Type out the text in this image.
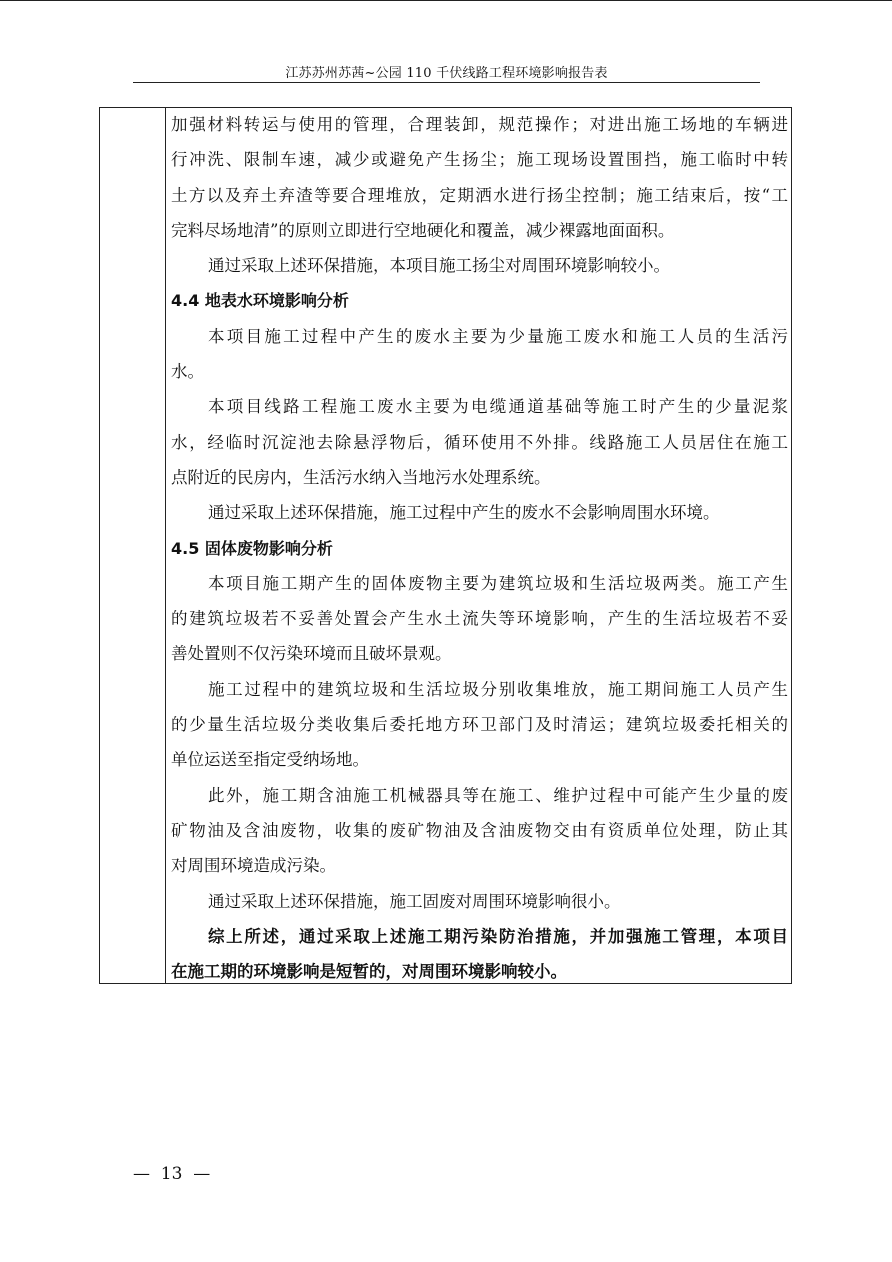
江苏苏州苏茜~公园 110 千伏线路工程环境影响报告表
加强材料转运与使用的管理，合理装卸，规范操作；对进出施工场地的车辆进
行冲洗、限制车速，减少或避免产生扬尘；施工现场设置围挡，施工临时中转
土方以及弃土弃渣等要合理堆放，定期洒水进行扬尘控制；施工结束后，按“工
完料尽场地清”的原则立即进行空地硬化和覆盖，减少裸露地面面积。
通过采取上述环保措施，本项目施工扬尘对周围环境影响较小。
4.4 地表水环境影响分析
本项目施工过程中产生的废水主要为少量施工废水和施工人员的生活污
水。
本项目线路工程施工废水主要为电缆通道基础等施工时产生的少量泥浆
水，经临时沉淀池去除悬浮物后，循环使用不外排。线路施工人员居住在施工
点附近的民房内，生活污水纳入当地污水处理系统。
通过采取上述环保措施，施工过程中产生的废水不会影响周围水环境。
4.5 固体废物影响分析
本项目施工期产生的固体废物主要为建筑垃圾和生活垃圾两类。施工产生
的建筑垃圾若不妥善处置会产生水土流失等环境影响，产生的生活垃圾若不妥
善处置则不仅污染环境而且破坏景观。
施工过程中的建筑垃圾和生活垃圾分别收集堆放，施工期间施工人员产生
的少量生活垃圾分类收集后委托地方环卫部门及时清运；建筑垃圾委托相关的
单位运送至指定受纳场地。
此外，施工期含油施工机械器具等在施工、维护过程中可能产生少量的废
矿物油及含油废物，收集的废矿物油及含油废物交由有资质单位处理，防止其
对周围环境造成污染。
通过采取上述环保措施，施工固废对周围环境影响很小。
综上所述，通过采取上述施工期污染防治措施，并加强施工管理，本项目
在施工期的环境影响是短暂的，对周围环境影响较小。
—  13  —
